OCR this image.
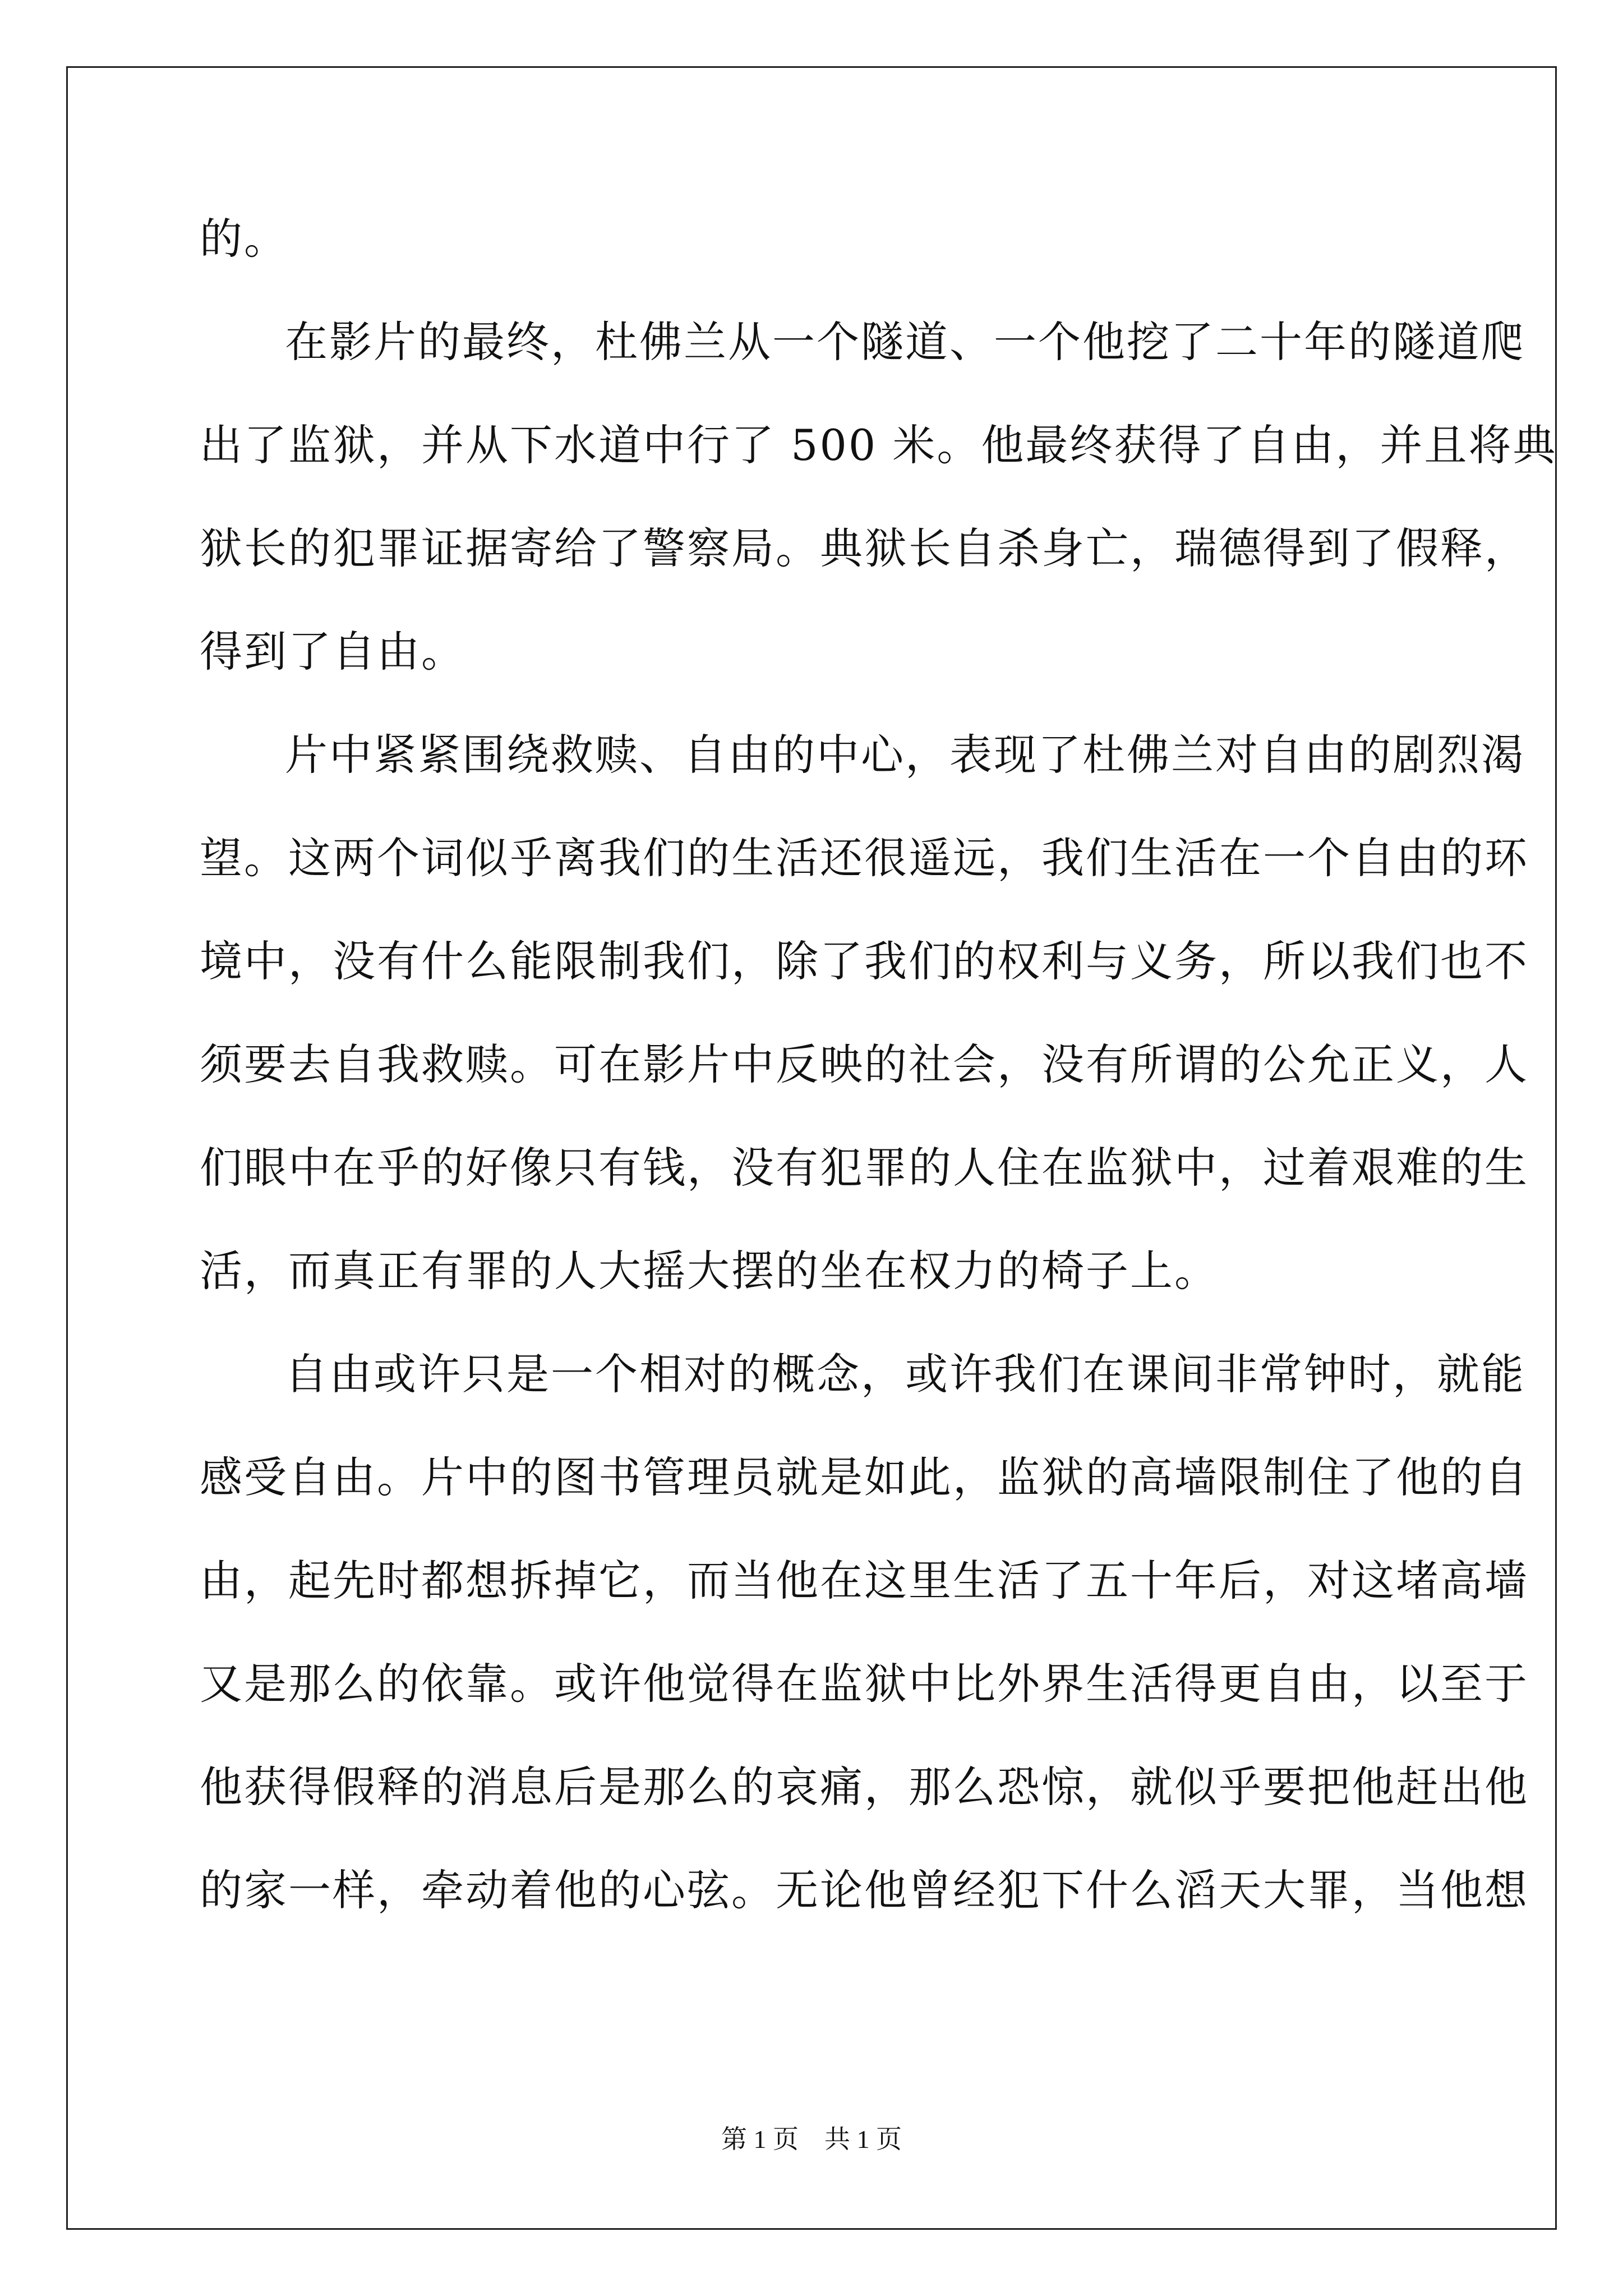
的。
在影片的最终，杜佛兰从一个隧道、一个他挖了二十年的隧道爬
出了监狱，并从下水道中行了 500 米。他最终获得了自由，并且将典
狱长的犯罪证据寄给了警察局。典狱长自杀身亡，瑞德得到了假释，
得到了自由。
片中紧紧围绕救赎、自由的中心，表现了杜佛兰对自由的剧烈渴
望。这两个词似乎离我们的生活还很遥远，我们生活在一个自由的环
境中，没有什么能限制我们，除了我们的权利与义务，所以我们也不
须要去自我救赎。可在影片中反映的社会，没有所谓的公允正义，人
们眼中在乎的好像只有钱，没有犯罪的人住在监狱中，过着艰难的生
活，而真正有罪的人大摇大摆的坐在权力的椅子上。
自由或许只是一个相对的概念，或许我们在课间非常钟时，就能
感受自由。片中的图书管理员就是如此，监狱的高墙限制住了他的自
由，起先时都想拆掉它，而当他在这里生活了五十年后，对这堵高墙
又是那么的依靠。或许他觉得在监狱中比外界生活得更自由，以至于
他获得假释的消息后是那么的哀痛，那么恐惊，就似乎要把他赶出他
的家一样，牵动着他的心弦。无论他曾经犯下什么滔天大罪，当他想
第 1 页　共 1 页
